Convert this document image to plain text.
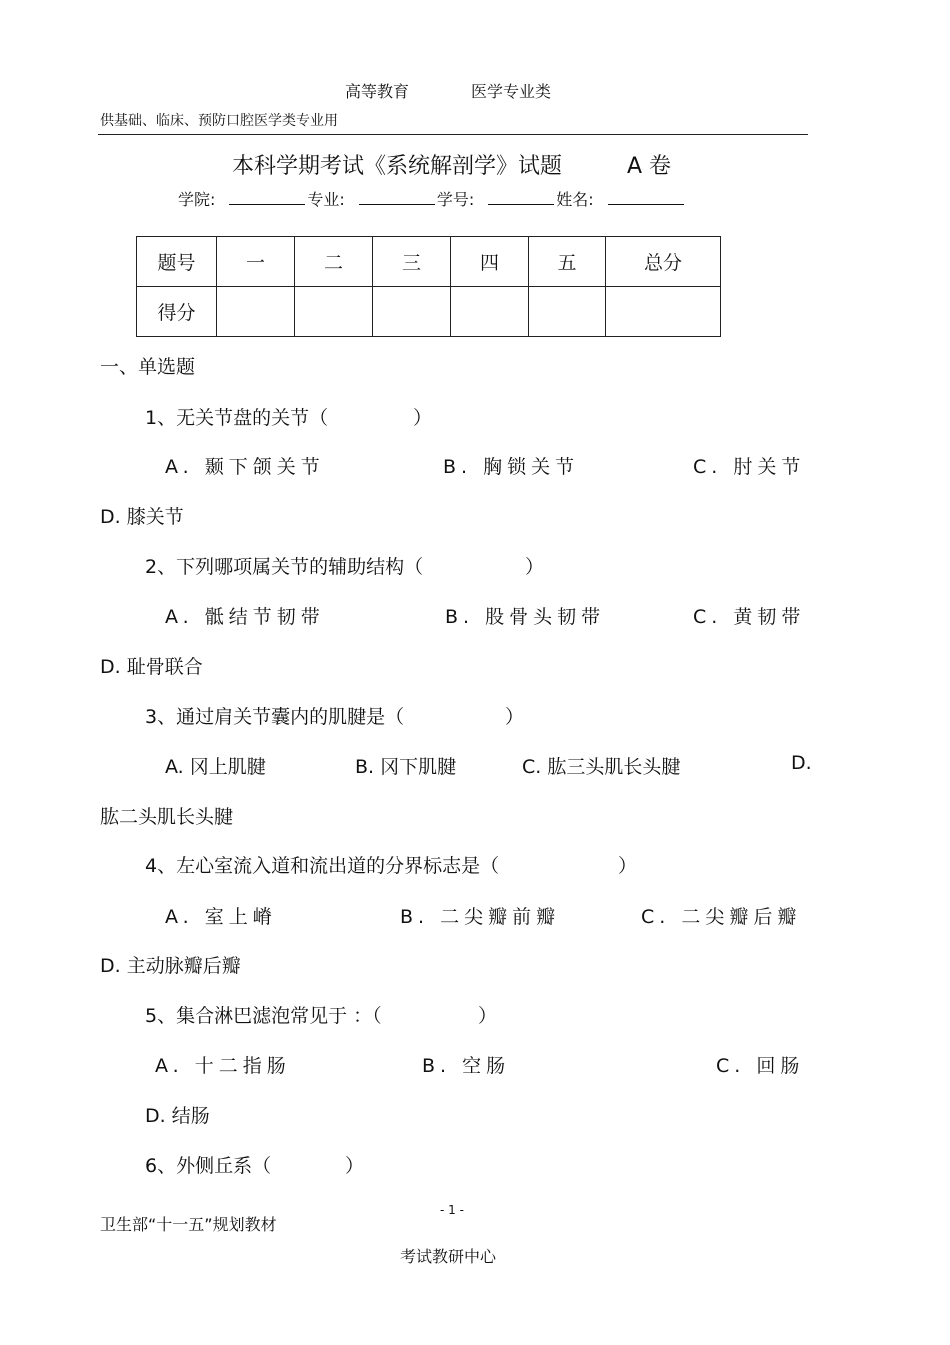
高等教育	医学专业类
供基础、临床、预防口腔医学类专业用
本科学期考试《系统解剖学》试题	A 卷
学院:	专业:	学号:	姓名:
题号	一	二	三	四	五	总分
得分						
一、单选题
1、无关节盘的关节（	）
A. 颞下颌关节	B. 胸锁关节	C. 肘关节
D. 膝关节
2、下列哪项属关节的辅助结构（	）
A. 骶结节韧带	B. 股骨头韧带	C. 黄韧带
D. 耻骨联合
3、通过肩关节囊内的肌腱是（	）
A. 冈上肌腱	B. 冈下肌腱	C. 肱三头肌长头腱	D.
肱二头肌长头腱
4、左心室流入道和流出道的分界标志是（	）
A. 室上嵴	B. 二尖瓣前瓣	C. 二尖瓣后瓣
D. 主动脉瓣后瓣
5、集合淋巴滤泡常见于 ：（	）
A. 十二指肠	B. 空肠	C. 回肠
D. 结肠
6、外侧丘系（	）
卫生部“十一五”规划教材
- 1 -
考试教研中心
